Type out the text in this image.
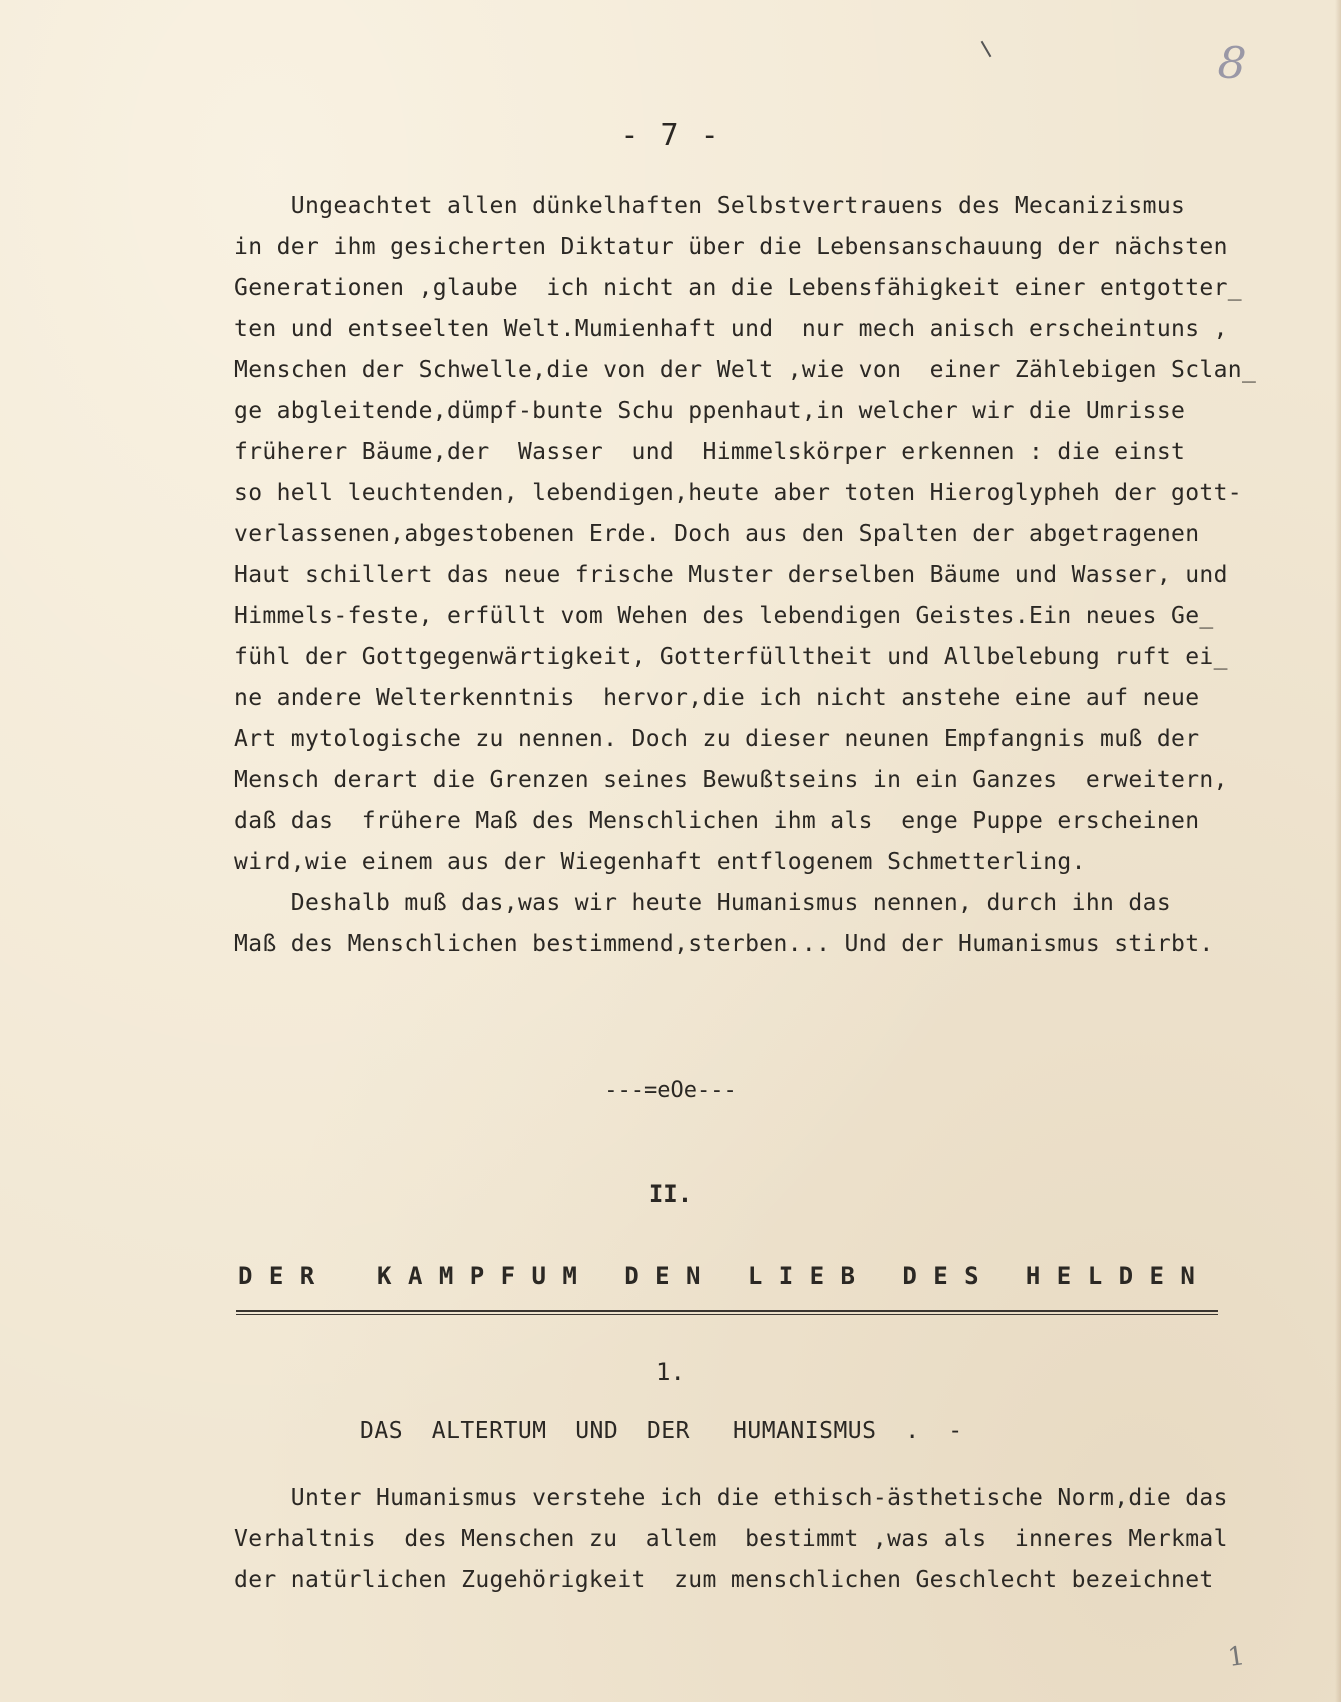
8
- 7 -
Ungeachtet allen dünkelhaften Selbstvertrauens des Mecanizismus
in der ihm gesicherten Diktatur über die Lebensanschauung der nächsten
Generationen ,glaube  ich nicht an die Lebensfähigkeit einer entgotter_
ten und entseelten Welt.Mumienhaft und  nur mech anisch erscheintuns ,
Menschen der Schwelle,die von der Welt ,wie von  einer Zählebigen Sclan_
ge abgleitende,dümpf-bunte Schu ppenhaut,in welcher wir die Umrisse
früherer Bäume,der  Wasser  und  Himmelskörper erkennen : die einst
so hell leuchtenden, lebendigen,heute aber toten Hieroglypheh der gott-
verlassenen,abgestobenen Erde. Doch aus den Spalten der abgetragenen
Haut schillert das neue frische Muster derselben Bäume und Wasser, und
Himmels-feste, erfüllt vom Wehen des lebendigen Geistes.Ein neues Ge_
fühl der Gottgegenwärtigkeit, Gotterfülltheit und Allbelebung ruft ei_
ne andere Welterkenntnis  hervor,die ich nicht anstehe eine auf neue
Art mytologische zu nennen. Doch zu dieser neunen Empfangnis muß der
Mensch derart die Grenzen seines Bewußtseins in ein Ganzes  erweitern,
daß das  frühere Maß des Menschlichen ihm als  enge Puppe erscheinen
wird,wie einem aus der Wiegenhaft entflogenem Schmetterling.
Deshalb muß das,was wir heute Humanismus nennen, durch ihn das
Maß des Menschlichen bestimmend,sterben... Und der Humanismus stirbt.
---=eOe---
II.
D E R    K A M P F U M   D E N   L I E B   D E S   H E L D E N
1.
DAS  ALTERTUM  UND  DER   HUMANISMUS  .  -
Unter Humanismus verstehe ich die ethisch-ästhetische Norm,die das
Verhaltnis  des Menschen zu  allem  bestimmt ,was als  inneres Merkmal
der natürlichen Zugehörigkeit  zum menschlichen Geschlecht bezeichnet
1
